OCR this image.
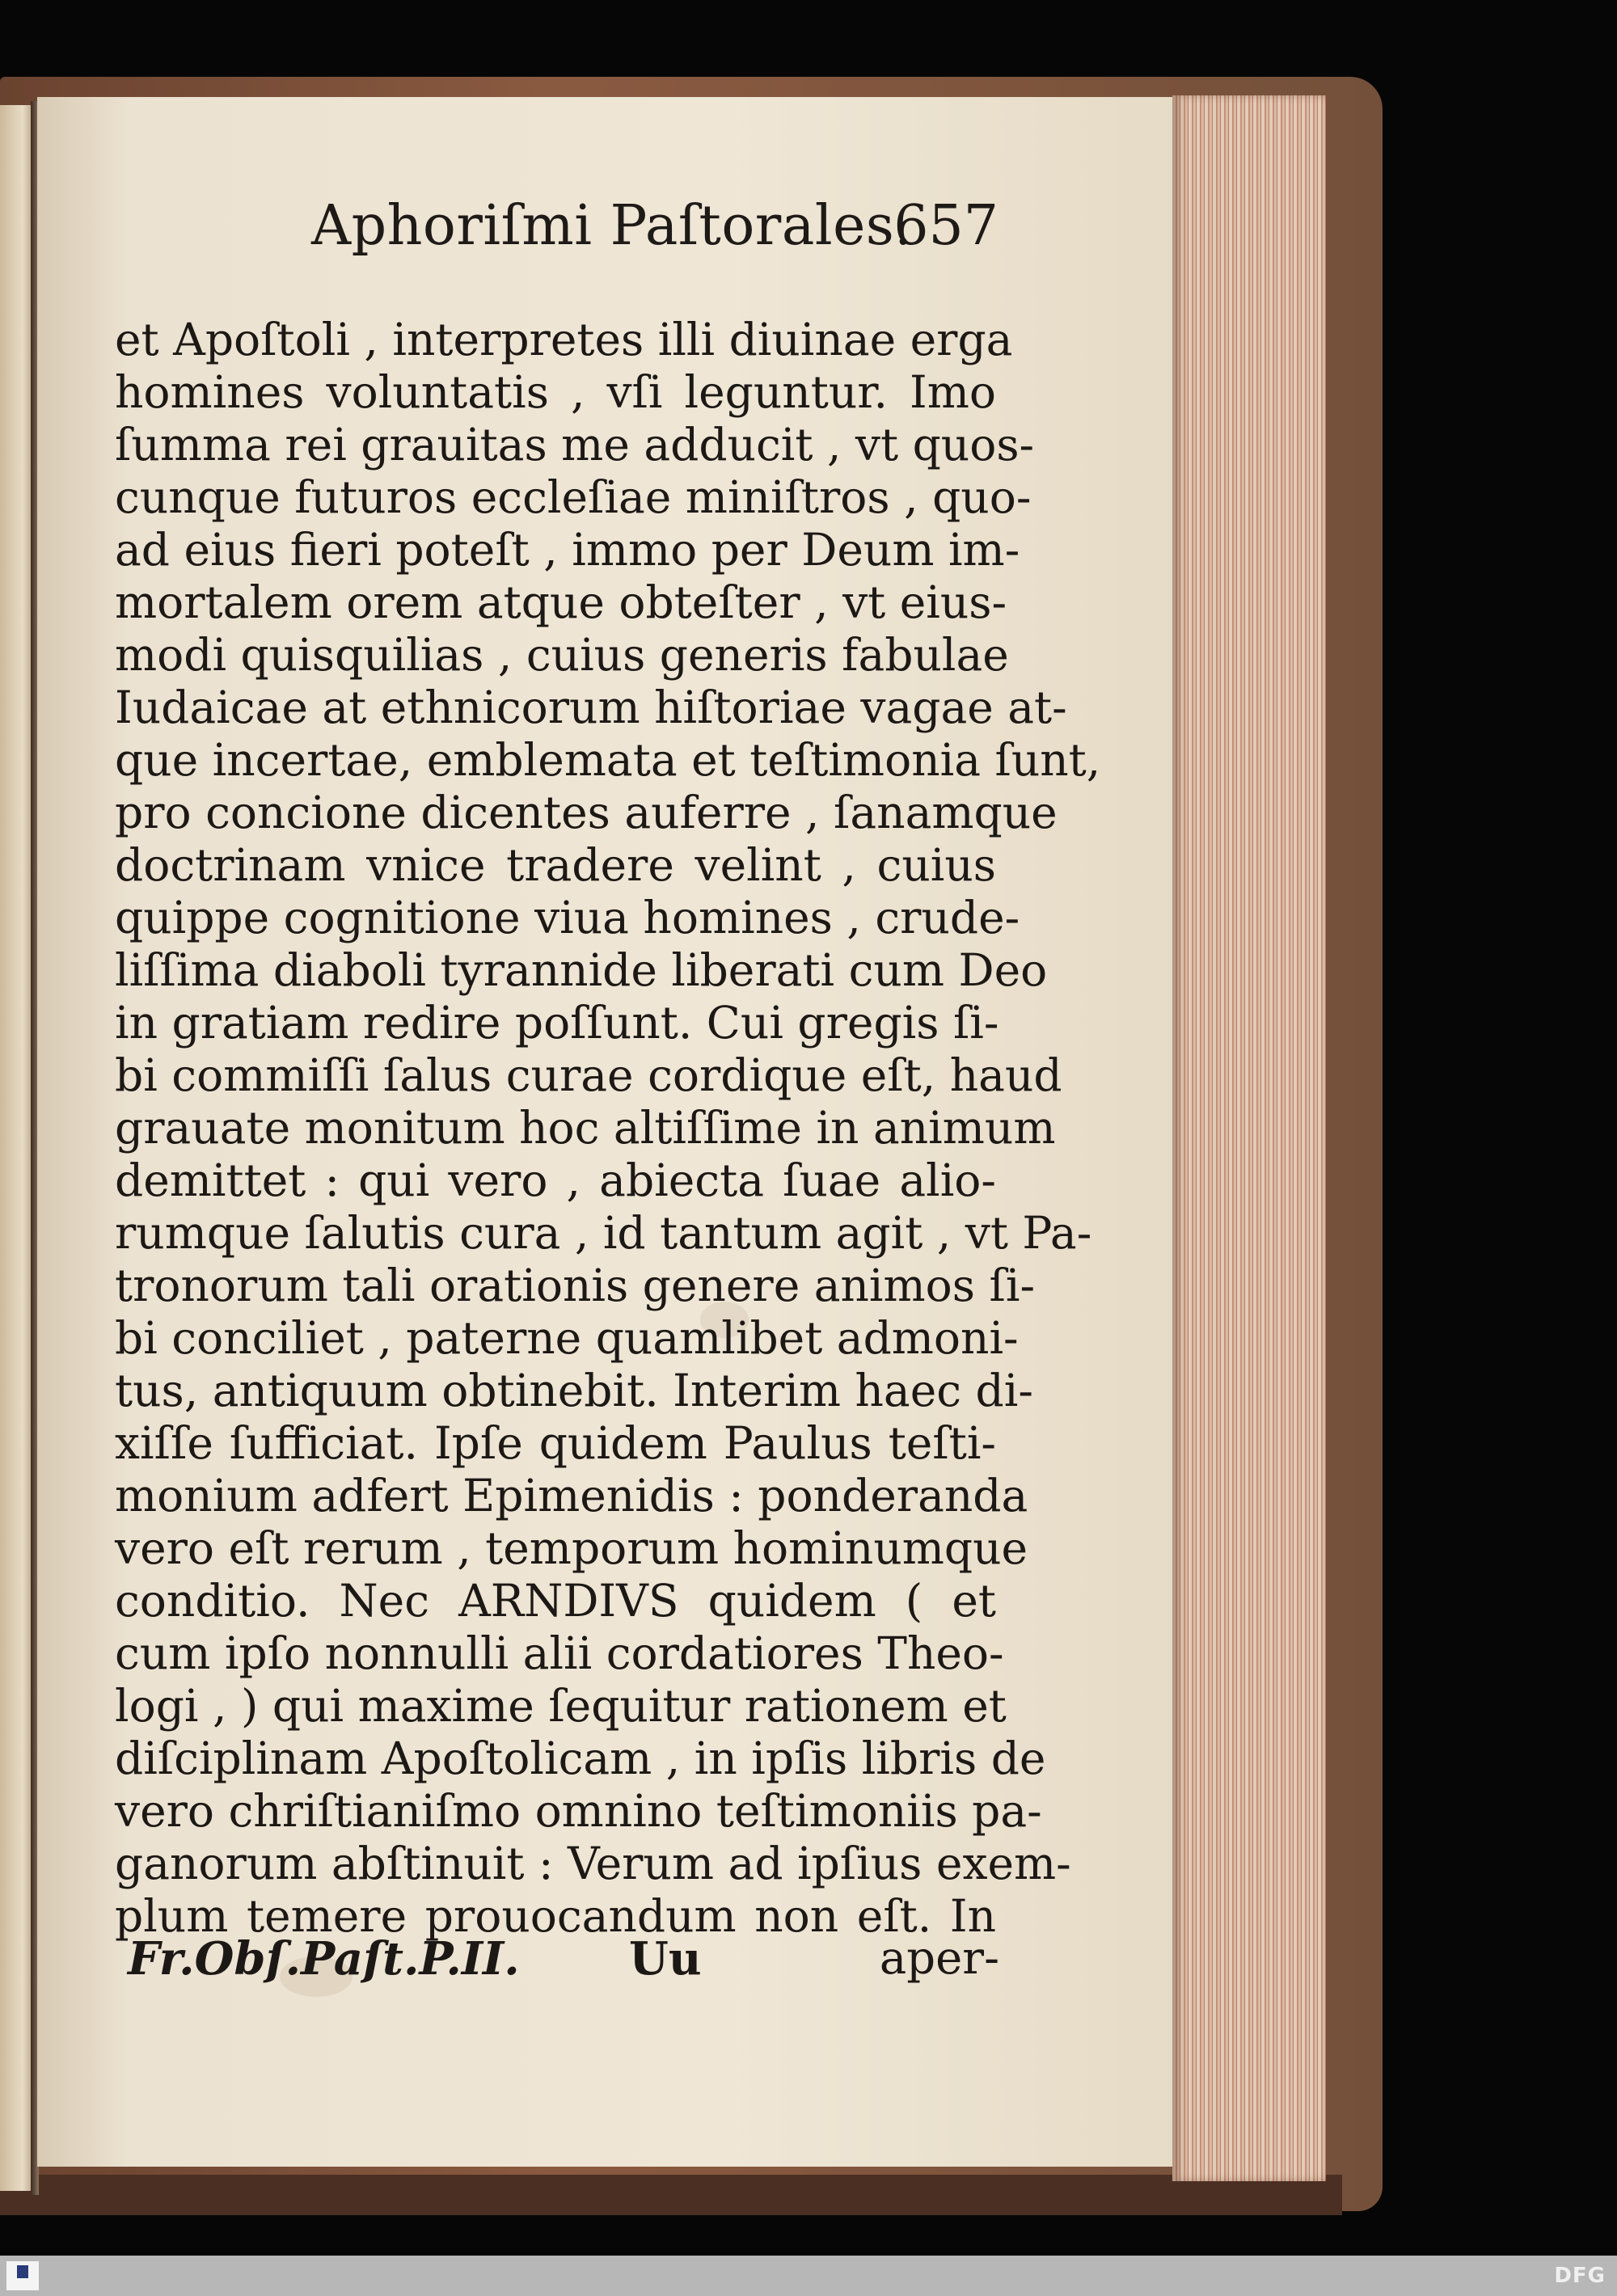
Aphoriſmi Paſtorales.
657
et Apoſtoli , interpretes illi diuinae erga
homines voluntatis , vſi leguntur. Imo
ſumma rei grauitas me adducit , vt quos-
cunque futuros eccleſiae miniſtros , quo-
ad eius fieri poteſt , immo per Deum im-
mortalem orem atque obteſter , vt eius-
modi quisquilias , cuius generis fabulae
Iudaicae at ethnicorum hiſtoriae vagae at-
que incertae, emblemata et teſtimonia ſunt,
pro concione dicentes auferre , ſanamque
doctrinam vnice tradere velint , cuius
quippe cognitione viua homines , crude-
liſſima diaboli tyrannide liberati cum Deo
in gratiam redire poſſunt. Cui gregis ſi-
bi commiſſi ſalus curae cordique eſt, haud
grauate monitum hoc altiſſime in animum
demittet : qui vero , abiecta ſuae alio-
rumque ſalutis cura , id tantum agit , vt Pa-
tronorum tali orationis genere animos ſi-
bi conciliet , paterne quamlibet admoni-
tus, antiquum obtinebit. Interim haec di-
xiſſe ſufficiat. Ipſe quidem Paulus teſti-
monium adfert Epimenidis : ponderanda
vero eſt rerum , temporum hominumque
conditio. Nec ARNDIVS quidem ( et
cum ipſo nonnulli alii cordatiores Theo-
logi , ) qui maxime ſequitur rationem et
diſciplinam Apoſtolicam , in ipſis libris de
vero chriſtianiſmo omnino teſtimoniis pa-
ganorum abſtinuit : Verum ad ipſius exem-
plum temere prouocandum non eſt. In
Fr.Obſ.Paſt.P.II. Uu	aper-
DFG
